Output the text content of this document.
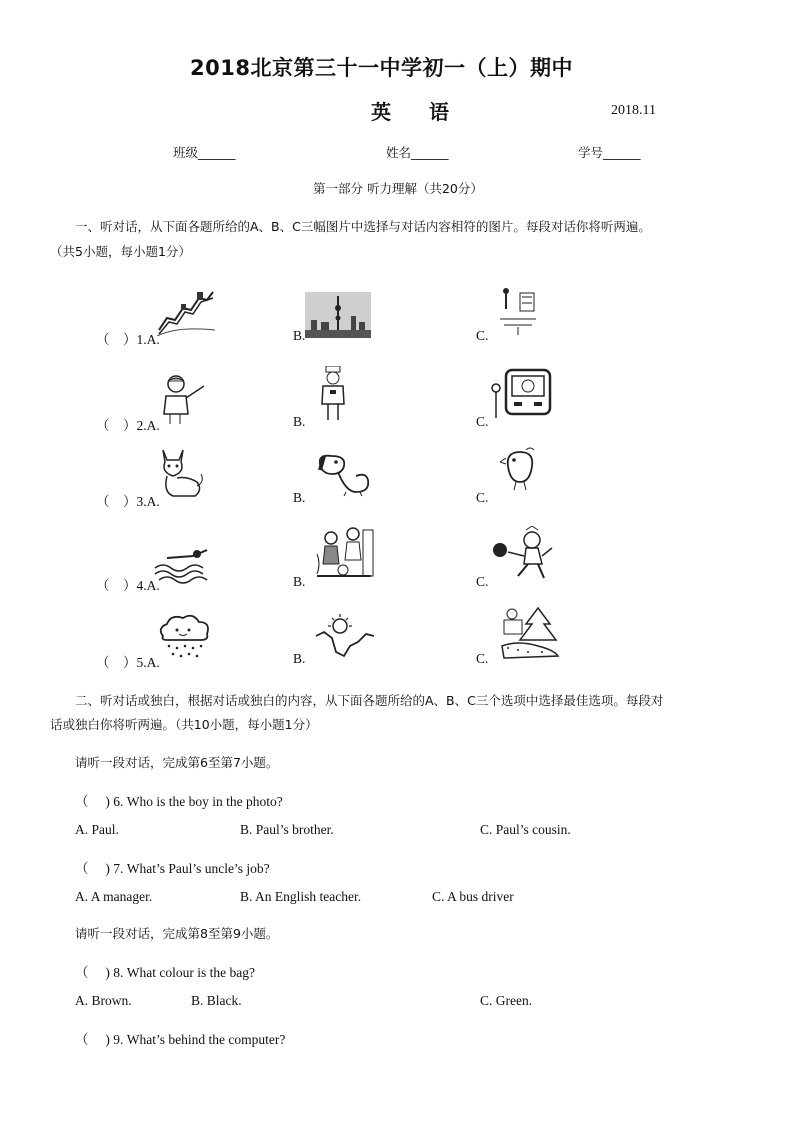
2018北京第三十一中学初一（上）期中
英语	2018.11
班级______	姓名______	学号______
第一部分 听力理解（共20分）
一、听对话，从下面各题所给的A、B、C三幅图片中选择与对话内容相符的图片。每段对话你将听两遍。
（共5小题，每小题1分）
（　）1.A.	B.	C.
（　）2.A.	B.	C.
（　）3.A.	B.	C.
（　）4.A.	B.	C.
（　）5.A.	B.	C.
二、听对话或独白，根据对话或独白的内容，从下面各题所给的A、B、C三个选项中选择最佳选项。每段对
话或独白你将听两遍。（共10小题，每小题1分）
请听一段对话，完成第6至第7小题。
（　 ) 6. Who is the boy in the photo?
A. Paul.	B. Paul’s brother.	C. Paul’s cousin.
（　 ) 7. What’s Paul’s uncle’s job?
A. A manager.	B. An English teacher.	C. A bus driver
请听一段对话，完成第8至第9小题。
（　 ) 8. What colour is the bag?
A. Brown.	B. Black.	C. Green.
（　 ) 9. What’s behind the computer?
